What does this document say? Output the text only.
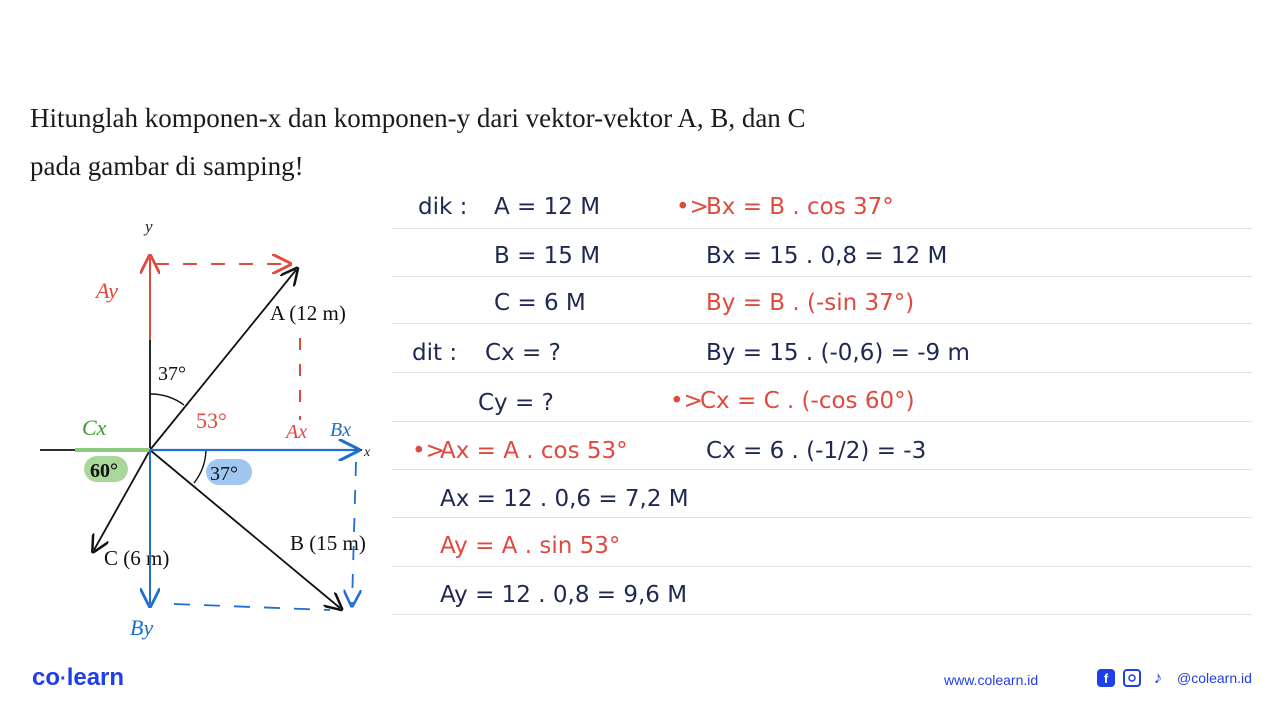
Hitunglah komponen-x dan komponen-y dari vektor-vektor A, B, dan C
pada gambar di samping!
y
x
A (12 m)
B (15 m)
C (6 m)
37°
37°
60°
Ay
53°	Ax Bx
Cx
By
dik : A = 12 M
B = 15 M
C = 6 M
dit : Cx = ?
Cy = ?
Ax = A . cos 53°
Ax = 12 . 0,6 = 7,2 M
Ay = A . sin 53°
Ay = 12 . 0,8 = 9,6 M
Bx = B . cos 37°
Bx = 15 . 0,8 = 12 M
By = B . (-sin 37°)
By = 15 . (-0,6) = -9 m
Cx = C . (-cos 60°)
Cx = 6 . (-1/2) = -3
•>
•>
•>
co·learn	www.colearn.id	f	♪	@colearn.id
